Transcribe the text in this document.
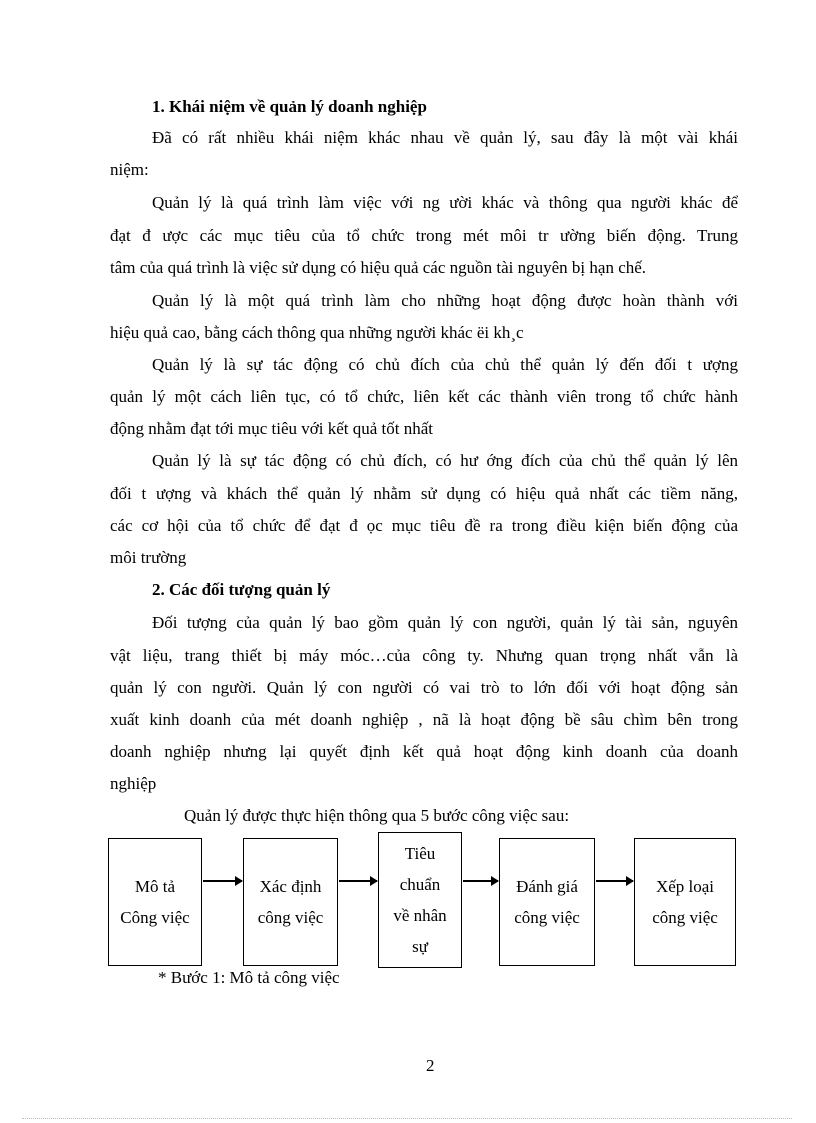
1. Khái niệm về quản lý doanh nghiệp
Đã có rất nhiều khái niệm khác nhau về quản lý, sau đây là một vài khái
niệm:
Quản lý là quá trình làm việc với ng ười khác và thông qua người khác để
đạt đ ược các mục tiêu của tổ chức trong mét môi tr ường biến động. Trung
tâm của quá trình là việc sử dụng có hiệu quả các nguồn tài nguyên bị hạn chế.
Quản lý là một quá trình làm cho những hoạt động được hoàn thành với
hiệu quả cao, bằng cách thông qua những người khác ëi kh¸c
Quản lý là sự tác động có chủ đích của chủ thể quản lý đến đối t ượng
quản lý một cách liên tục, có tổ chức, liên kết các thành viên trong tổ chức hành
động nhằm đạt tới mục tiêu với kết quả tốt nhất
Quản lý là sự tác động có chủ đích, có hư ớng đích của chủ thể quản lý lên
đối t ượng và khách thể quản lý nhằm sử dụng có hiệu quả nhất các tiềm năng,
các cơ hội của tổ chức để đạt đ ọc mục tiêu đề ra trong điều kiện biến động của
môi trường
2. Các đối tượng quản lý
Đối tượng của quản lý bao gồm quản lý con người, quản lý tài sản, nguyên
vật liệu, trang thiết bị máy móc…của công ty. Nhưng quan trọng nhất vẫn là
quản lý con người. Quản lý con người có vai trò to lớn đối với hoạt động sản
xuất kinh doanh của mét doanh nghiệp , nã là hoạt động bề sâu chìm bên trong
doanh nghiệp nhưng lại quyết định kết quả hoạt động kinh doanh của doanh
nghiệp
Quản lý được thực hiện thông qua 5 bước công việc sau:
Mô tả
Công việc
Xác định
công việc
Tiêu
chuẩn
về nhân
sự
Đánh giá
công việc
Xếp loại
công việc
* Bước 1: Mô tả công việc
2
